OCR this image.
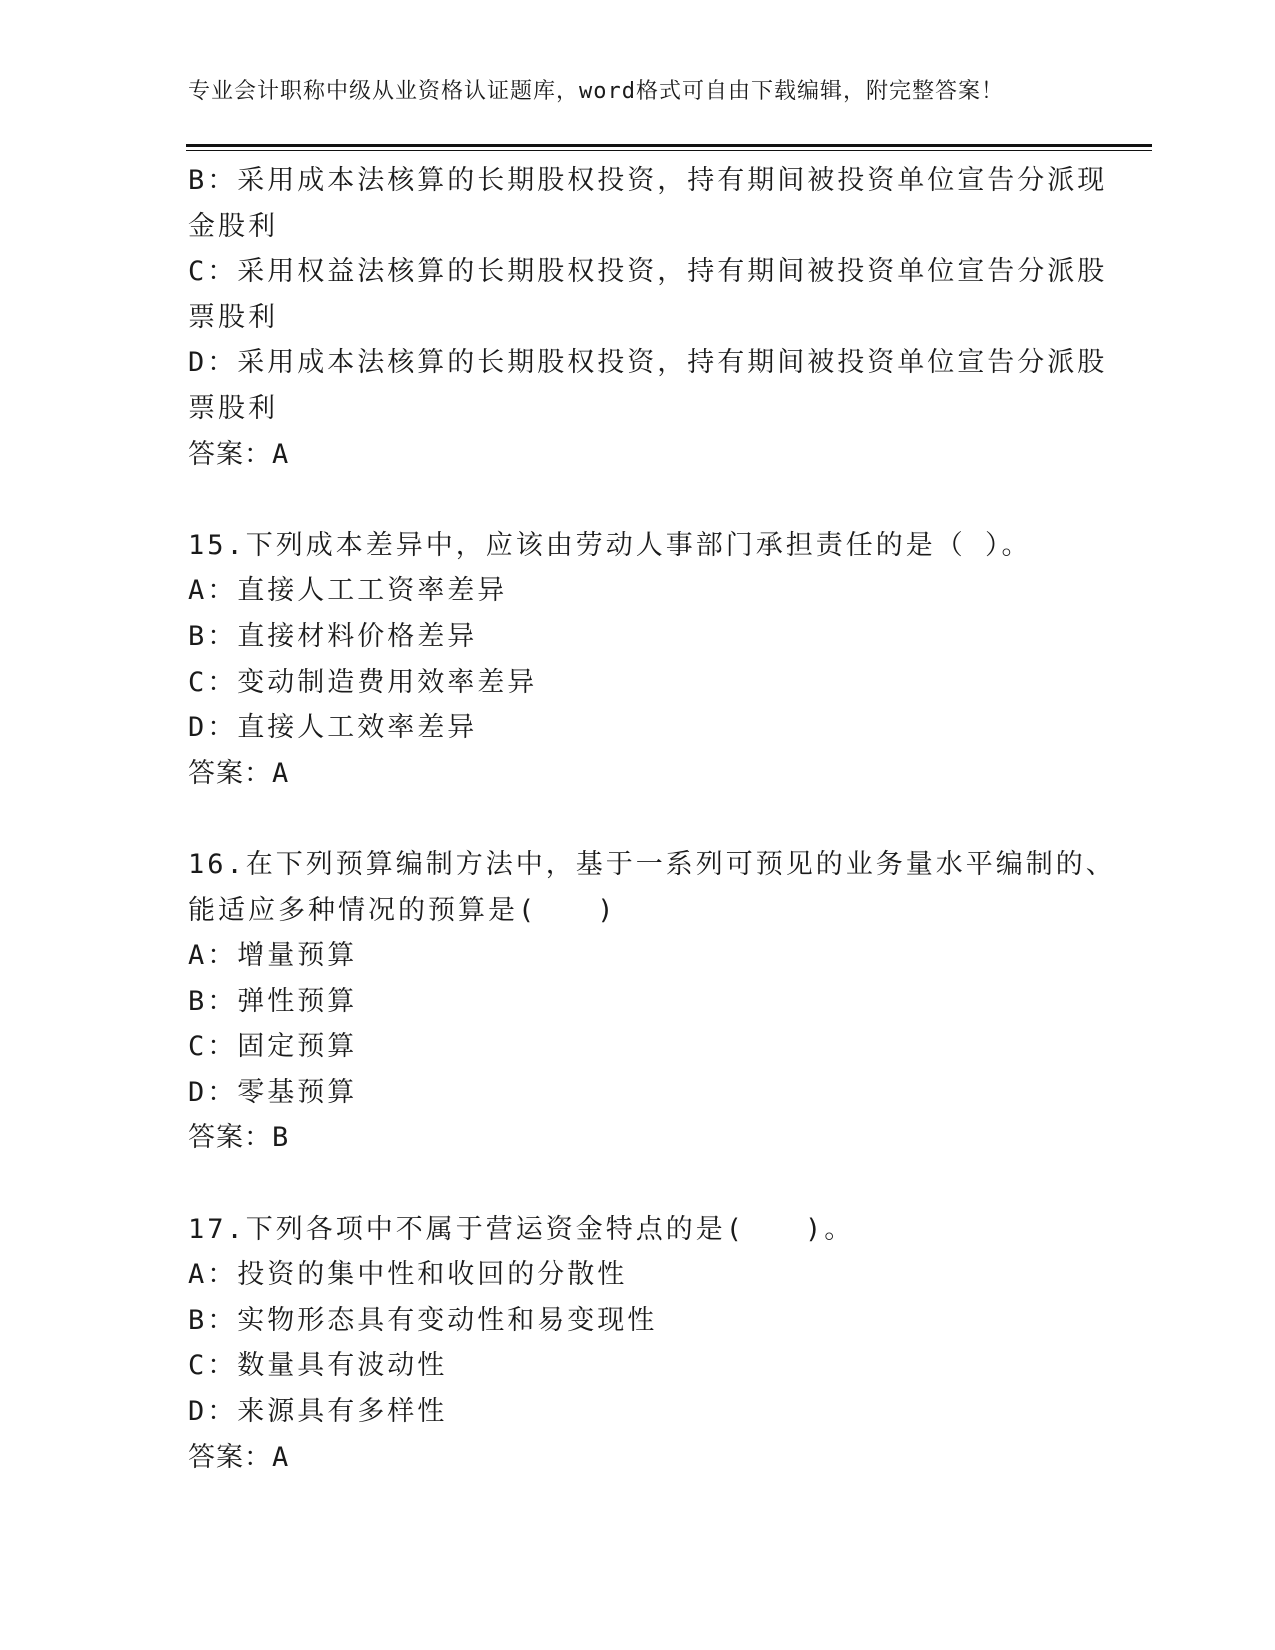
专业会计职称中级从业资格认证题库，word格式可自由下载编辑，附完整答案！
B：采用成本法核算的长期股权投资，持有期间被投资单位宣告分派现
金股利
C：采用权益法核算的长期股权投资，持有期间被投资单位宣告分派股
票股利
D：采用成本法核算的长期股权投资，持有期间被投资单位宣告分派股
票股利
答案：A
15.下列成本差异中，应该由劳动人事部门承担责任的是（ ）。
A：直接人工工资率差异
B：直接材料价格差异
C：变动制造费用效率差异
D：直接人工效率差异
答案：A
16.在下列预算编制方法中，基于一系列可预见的业务量水平编制的、
能适应多种情况的预算是(　　)
A：增量预算
B：弹性预算
C：固定预算
D：零基预算
答案：B
17.下列各项中不属于营运资金特点的是(　　)。
A：投资的集中性和收回的分散性
B：实物形态具有变动性和易变现性
C：数量具有波动性
D：来源具有多样性
答案：A
